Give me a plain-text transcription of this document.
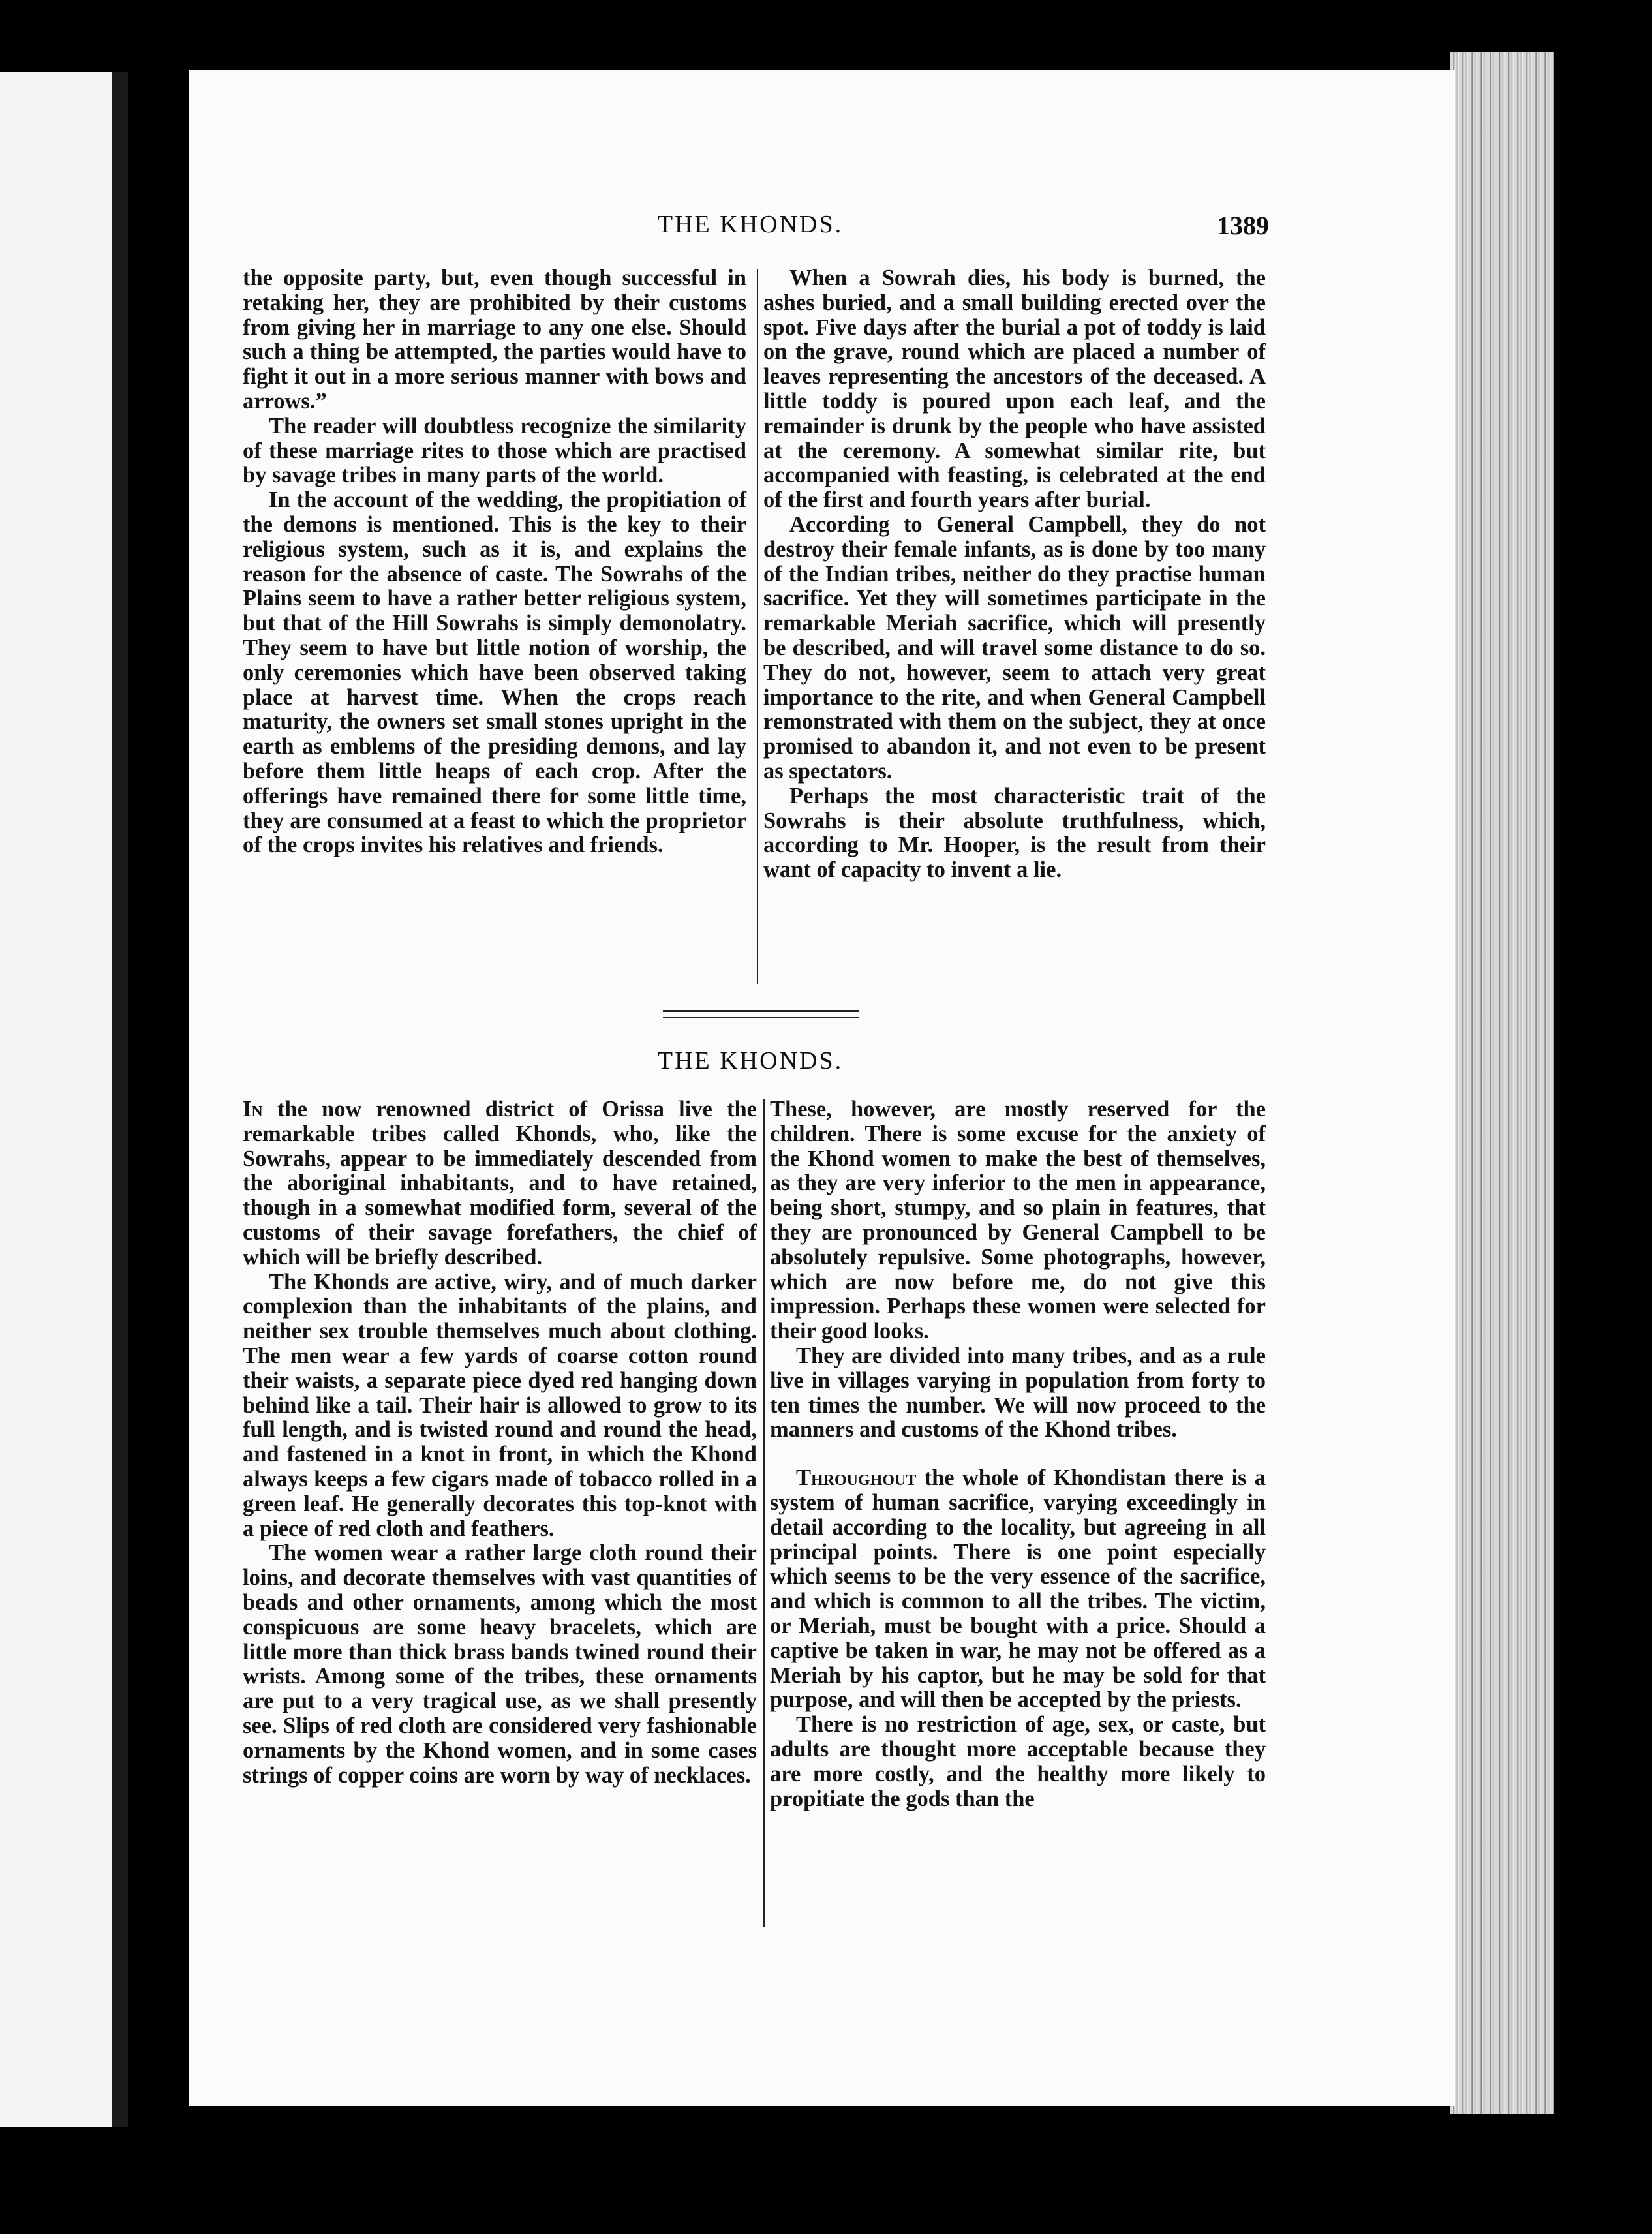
THE KHONDS.	1389

the opposite party, but, even though successful in retaking her, they are prohibited by their customs from giving her in marriage to any one else. Should such a thing be attempted, the parties would have to fight it out in a more serious manner with bows and arrows.”

The reader will doubtless recognize the similarity of these marriage rites to those which are practised by savage tribes in many parts of the world.

In the account of the wedding, the propitiation of the demons is mentioned. This is the key to their religious system, such as it is, and explains the reason for the absence of caste. The Sowrahs of the Plains seem to have a rather better religious system, but that of the Hill Sowrahs is simply demonolatry. They seem to have but little notion of worship, the only ceremonies which have been observed taking place at harvest time. When the crops reach maturity, the owners set small stones upright in the earth as emblems of the presiding demons, and lay before them little heaps of each crop. After the offerings have remained there for some little time, they are consumed at a feast to which the proprietor of the crops invites his relatives and friends.

When a Sowrah dies, his body is burned, the ashes buried, and a small building erected over the spot. Five days after the burial a pot of toddy is laid on the grave, round which are placed a number of leaves representing the ancestors of the deceased. A little toddy is poured upon each leaf, and the remainder is drunk by the people who have assisted at the ceremony. A somewhat similar rite, but accompanied with feasting, is celebrated at the end of the first and fourth years after burial.

According to General Campbell, they do not destroy their female infants, as is done by too many of the Indian tribes, neither do they practise human sacrifice. Yet they will sometimes participate in the remarkable Meriah sacrifice, which will presently be described, and will travel some distance to do so. They do not, however, seem to attach very great importance to the rite, and when General Campbell remonstrated with them on the subject, they at once promised to abandon it, and not even to be present as spectators.

Perhaps the most characteristic trait of the Sowrahs is their absolute truthfulness, which, according to Mr. Hooper, is the result from their want of capacity to invent a lie.

THE KHONDS.

In the now renowned district of Orissa live the remarkable tribes called Khonds, who, like the Sowrahs, appear to be immediately descended from the aboriginal inhabitants, and to have retained, though in a somewhat modified form, several of the customs of their savage forefathers, the chief of which will be briefly described.

The Khonds are active, wiry, and of much darker complexion than the inhabitants of the plains, and neither sex trouble themselves much about clothing. The men wear a few yards of coarse cotton round their waists, a separate piece dyed red hanging down behind like a tail. Their hair is allowed to grow to its full length, and is twisted round and round the head, and fastened in a knot in front, in which the Khond always keeps a few cigars made of tobacco rolled in a green leaf. He generally decorates this top-knot with a piece of red cloth and feathers.

The women wear a rather large cloth round their loins, and decorate themselves with vast quantities of beads and other ornaments, among which the most conspicuous are some heavy bracelets, which are little more than thick brass bands twined round their wrists. Among some of the tribes, these ornaments are put to a very tragical use, as we shall presently see. Slips of red cloth are considered very fashionable ornaments by the Khond women, and in some cases strings of copper coins are worn by way of necklaces.

These, however, are mostly reserved for the children. There is some excuse for the anxiety of the Khond women to make the best of themselves, as they are very inferior to the men in appearance, being short, stumpy, and so plain in features, that they are pronounced by General Campbell to be absolutely repulsive. Some photographs, however, which are now before me, do not give this impression. Perhaps these women were selected for their good looks.

They are divided into many tribes, and as a rule live in villages varying in population from forty to ten times the number. We will now proceed to the manners and customs of the Khond tribes.

Throughout the whole of Khondistan there is a system of human sacrifice, varying exceedingly in detail according to the locality, but agreeing in all principal points. There is one point especially which seems to be the very essence of the sacrifice, and which is common to all the tribes. The victim, or Meriah, must be bought with a price. Should a captive be taken in war, he may not be offered as a Meriah by his captor, but he may be sold for that purpose, and will then be accepted by the priests.

There is no restriction of age, sex, or caste, but adults are thought more acceptable because they are more costly, and the healthy more likely to propitiate the gods than the
